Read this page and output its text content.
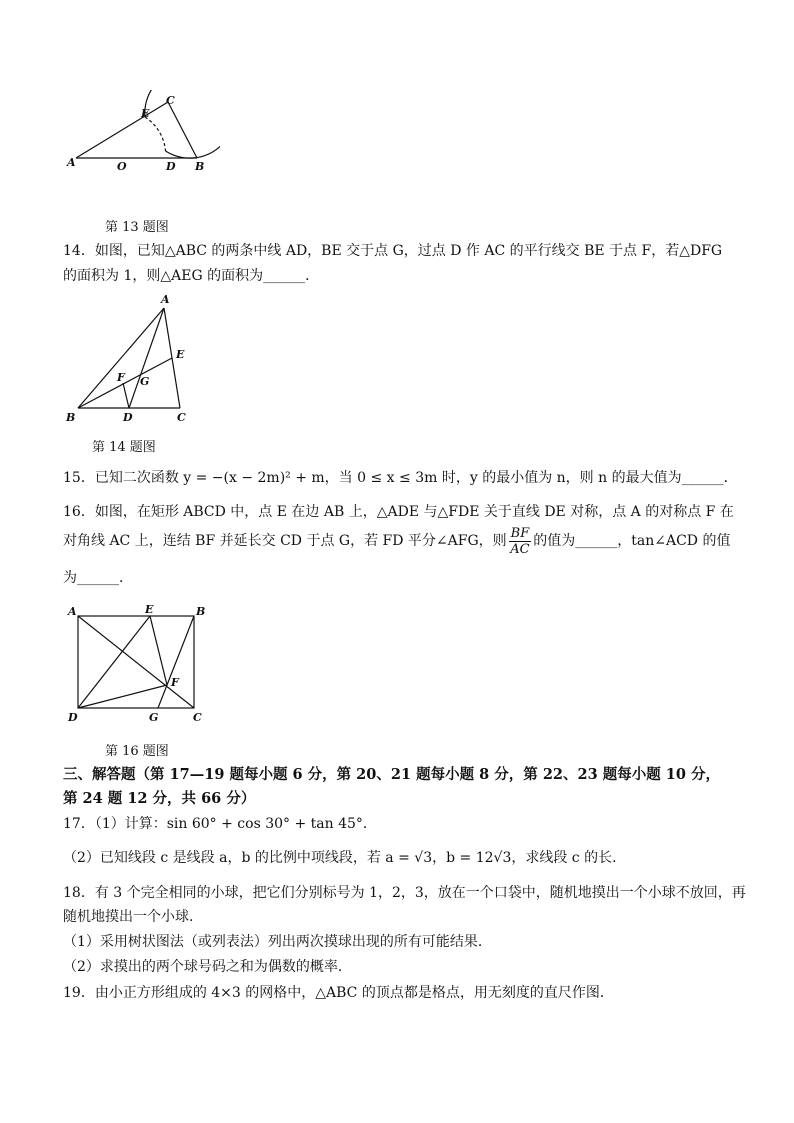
A	O	D B
E
C
第 13 题图
14．如图，已知△ABC 的两条中线 AD，BE 交于点 G，过点 D 作 AC 的平行线交 BE 于点 F，若△DFG
的面积为 1，则△AEG 的面积为______．
A
B	C
D
E
F G
第 14 题图
15．已知二次函数 y = −(x − 2m)² + m，当 0 ≤ x ≤ 3m 时，y 的最小值为 n，则 n 的最大值为______．
16．如图，在矩形 ABCD 中，点 E 在边 AB 上，△ADE 与△FDE 关于直线 DE 对称，点 A 的对称点 F 在
对角线 AC 上，连结 BF 并延长交 CD 于点 G，若 FD 平分∠AFG，则 $\frac{BF}{AC}$ 的值为______，tan∠ACD 的值
为______．
A	E	B
D	G	C
F
第 16 题图
三、解答题（第 17—19 题每小题 6 分，第 20、21 题每小题 8 分，第 22、23 题每小题 10 分，
第 24 题 12 分，共 66 分）
17．（1）计算：sin 60° + cos 30° + tan 45°．
（2）已知线段 c 是线段 a，b 的比例中项线段，若 a = √3，b = 12√3，求线段 c 的长．
18．有 3 个完全相同的小球，把它们分别标号为 1，2，3，放在一个口袋中，随机地摸出一个小球不放回，再
随机地摸出一个小球．
（1）采用树状图法（或列表法）列出两次摸球出现的所有可能结果．
（2）求摸出的两个球号码之和为偶数的概率．
19．由小正方形组成的 4×3 的网格中，△ABC 的顶点都是格点，用无刻度的直尺作图．
